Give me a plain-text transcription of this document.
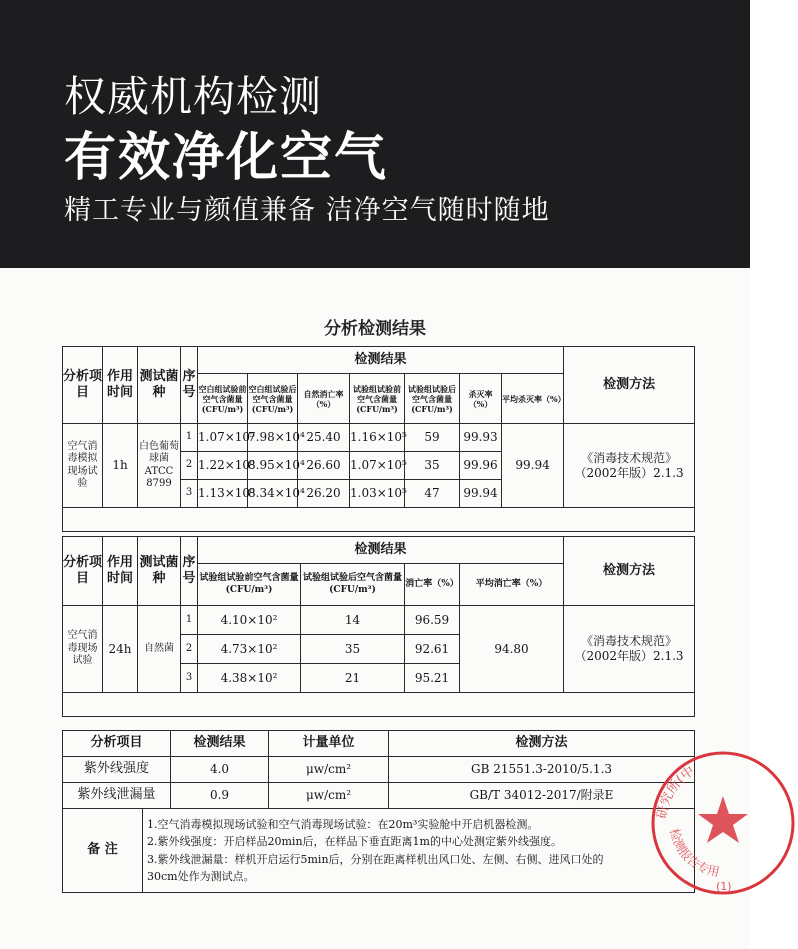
权威机构检测
有效净化空气
精工专业与颜值兼备 洁净空气随时随地
分析检测结果
分析项目	作用时间	测试菌种	序号	检测结果							检测方法
				空白组试验前空气含菌量(CFU/m³)	空白组试验后空气含菌量(CFU/m³)	自然消亡率（%）	试验组试验前空气含菌量(CFU/m³)	试验组试验后空气含菌量(CFU/m³)	杀灭率（%）	平均杀灭率（%）	
空气消毒模拟现场试验	1h	白色葡萄球菌ATCC 8799	1	1.07×10⁵	7.98×10⁴	25.40	1.16×10⁵	59	99.93	99.94	《消毒技术规范》
（2002年版）2.1.3

			2	1.22×10⁵	8.95×10⁴	26.60	1.07×10⁵	35	99.96		
			3	1.13×10⁵	8.34×10⁴	26.20	1.03×10⁵	47	99.94		

分析项目	作用时间	测试菌种	序号	检测结果				检测方法
				试验组试验前空气含菌量(CFU/m³)	试验组试验后空气含菌量(CFU/m³)	消亡率（%）	平均消亡率（%）	
空气消毒现场试验	24h	自然菌	1	4.10×10²	14	96.59	94.80	《消毒技术规范》
（2002年版）2.1.3

			2	4.73×10²	35	92.61		
			3	4.38×10²	21	95.21		

分析项目		检测结果	计量单位	检测方法
紫外线强度		4.0	μw/cm²	GB 21551.3-2010/5.1.3
紫外线泄漏量		0.9	μw/cm²	GB/T 34012-2017/附录E
备 注	1.空气消毒模拟现场试验和空气消毒现场试验：在20m³实验舱中开启机器检测。
2.紫外线强度：开启样品20min后，在样品下垂直距离1m的中心处测定紫外线强度。
3.紫外线泄漏量：样机开启运行5min后，分别在距离样机出风口处、左侧、右侧、进风口处的
30cm处作为测试点。			
研究所(中
检测报告专用
(1)
